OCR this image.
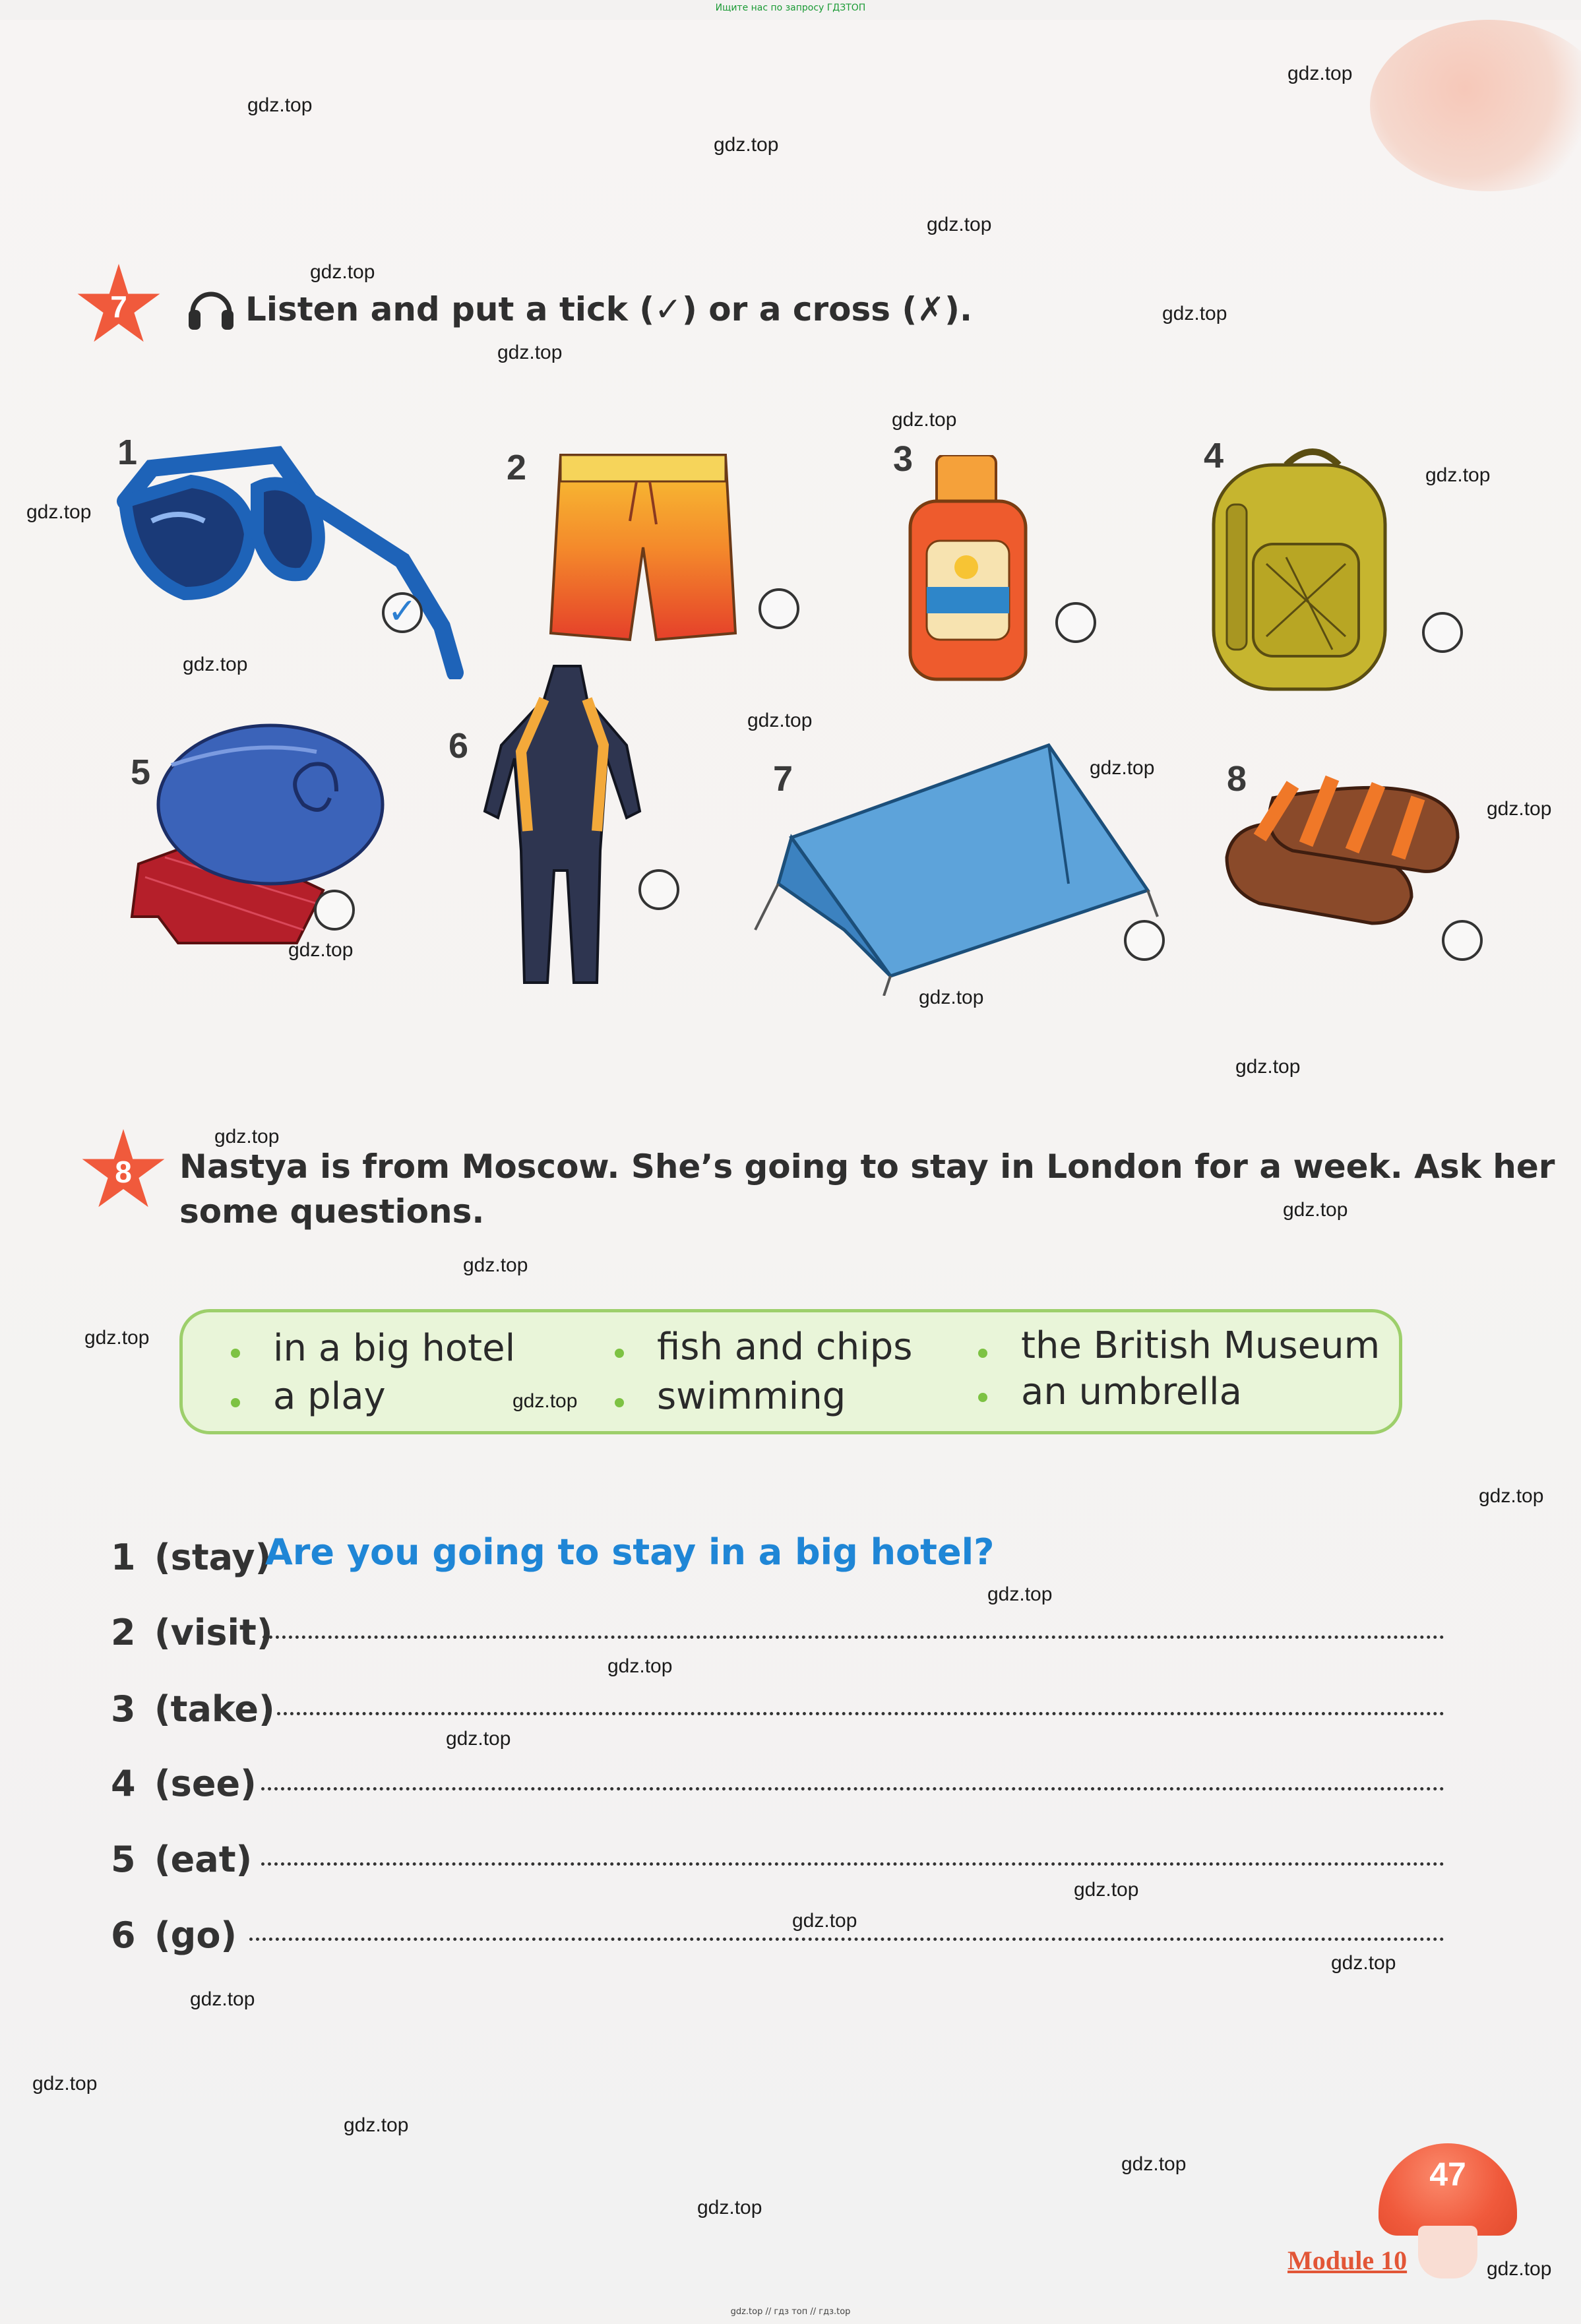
Ищите нас по запросу ГДЗТОП
7	Listen and put a tick (✓) or a cross (✗).
1
✓
2	3	4
5
6
7	8
8	Nastya is from Moscow. She’s going to stay in London for a week. Ask her
some questions.
in a big hotel	fish and chips	the British Museum
a play	swimming	an umbrella
1 (stay)
Are you going to stay in a big hotel?
2 (visit)
3 (take)
4 (see)
5 (eat)
6 (go)
47
Module 10
gdz.top
gdz.top
gdz.top
gdz.top
gdz.top
gdz.top
gdz.top
gdz.top
gdz.top
gdz.top
gdz.top
gdz.top
gdz.top
gdz.top
gdz.top
gdz.top
gdz.top
gdz.top
gdz.top
gdz.top
gdz.top
gdz.top
gdz.top
gdz.top
gdz.top
gdz.top
gdz.top
gdz.top
gdz.top
gdz.top
gdz.top
gdz.top
gdz.top
gdz.top
gdz.top
gdz.top // гдз топ // гдз.top
